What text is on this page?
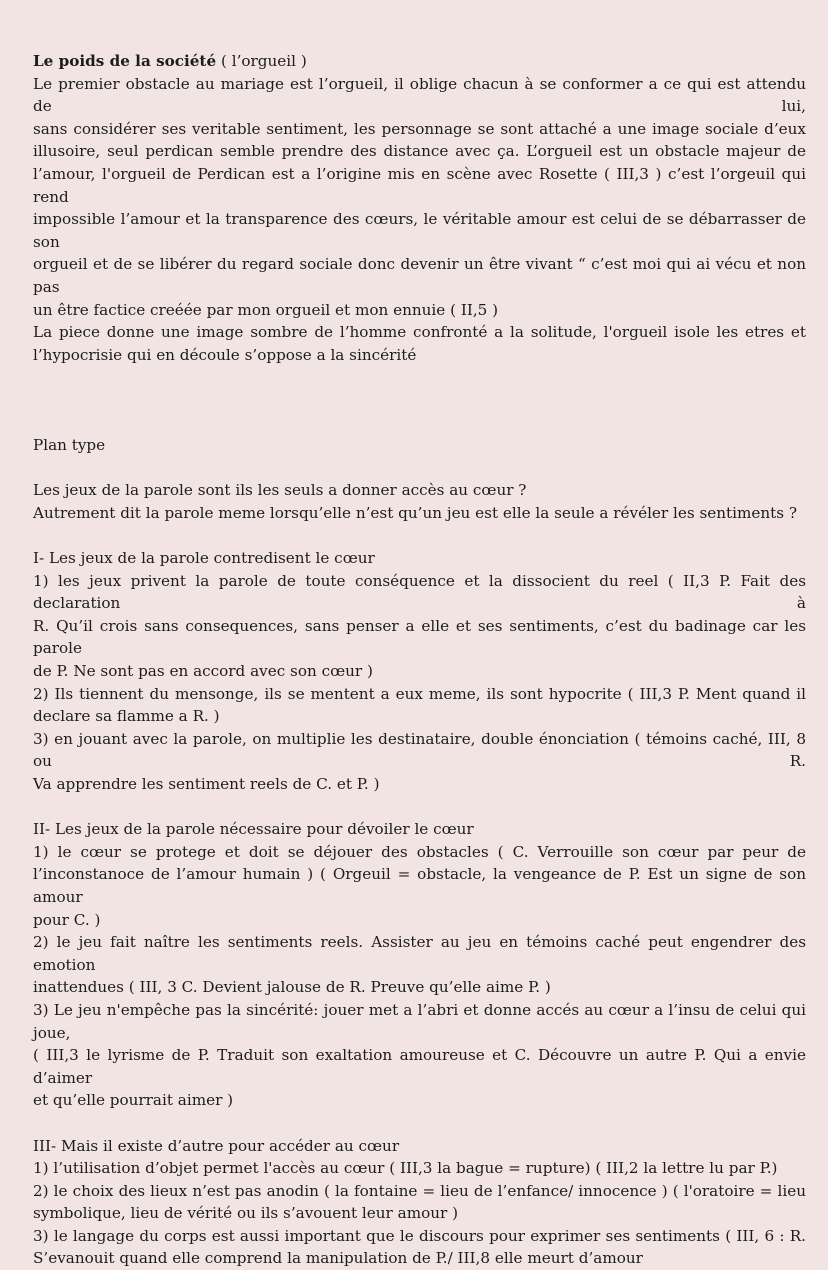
Le poids de la société ( l’orgueil )
Le premier obstacle au mariage est l’orgueil, il oblige chacun à se conformer a ce qui est attendu de lui,
sans considérer ses veritable sentiment, les personnage se sont attaché a une image sociale d’eux
illusoire, seul perdican semble prendre des distance avec ça. L’orgueil est un obstacle majeur de
l’amour, l'orgueil de Perdican est a l’origine mis en scène avec Rosette ( III,3 ) c’est l’orgeuil qui rend
impossible l’amour et la transparence des cœurs, le véritable amour est celui de se débarrasser de son
orgueil et de se libérer du regard sociale donc devenir un être vivant “ c’est moi qui ai vécu et non pas
un être factice creéée par mon orgueil et mon ennuie ( II,5 )
La piece donne une image sombre de l’homme confronté a la solitude, l'orgueil isole les etres et
l’hypocrisie qui en découle s’oppose a la sincérité
Plan type
Les jeux de la parole sont ils les seuls a donner accès au cœur ?
Autrement dit la parole meme lorsqu’elle n’est qu’un jeu est elle la seule a révéler les sentiments ?
I- Les jeux de la parole contredisent le cœur
1) les jeux privent la parole de toute conséquence et la dissocient du reel ( II,3 P. Fait des declaration à
R. Qu’il crois sans consequences, sans penser a elle et ses sentiments, c’est du badinage car les parole
de P. Ne sont pas en accord avec son cœur )
2) Ils tiennent du mensonge, ils se mentent a eux meme, ils sont hypocrite ( III,3 P. Ment quand il
declare sa flamme a R. )
3) en jouant avec la parole, on multiplie les destinataire, double énonciation ( témoins caché, III, 8 ou R.
Va apprendre les sentiment reels de C. et P. )
II- Les jeux de la parole nécessaire pour dévoiler le cœur
1) le cœur se protege et doit se déjouer des obstacles ( C. Verrouille son cœur par peur de
l’inconstanoce de l’amour humain ) ( Orgeuil = obstacle, la vengeance de P. Est un signe de son amour
pour C. )
2) le jeu fait naître les sentiments reels. Assister au jeu en témoins caché peut engendrer des emotion
inattendues ( III, 3 C. Devient jalouse de R. Preuve qu’elle aime P. )
3) Le jeu n'empêche pas la sincérité: jouer met a l’abri et donne accés au cœur a l’insu de celui qui joue,
( III,3 le lyrisme de P. Traduit son exaltation amoureuse et C. Découvre un autre P. Qui a envie d’aimer
et qu’elle pourrait aimer )
III- Mais il existe d’autre pour accéder au cœur
1) l’utilisation d’objet permet l'accès au cœur ( III,3 la bague = rupture) ( III,2 la lettre lu par P.)
2) le choix des lieux n’est pas anodin ( la fontaine = lieu de l’enfance/ innocence ) ( l'oratoire = lieu
symbolique, lieu de vérité ou ils s’avouent leur amour )
3) le langage du corps est aussi important que le discours pour exprimer ses sentiments ( III, 6 : R.
S’evanouit quand elle comprend la manipulation de P./ III,8 elle meurt d’amour
